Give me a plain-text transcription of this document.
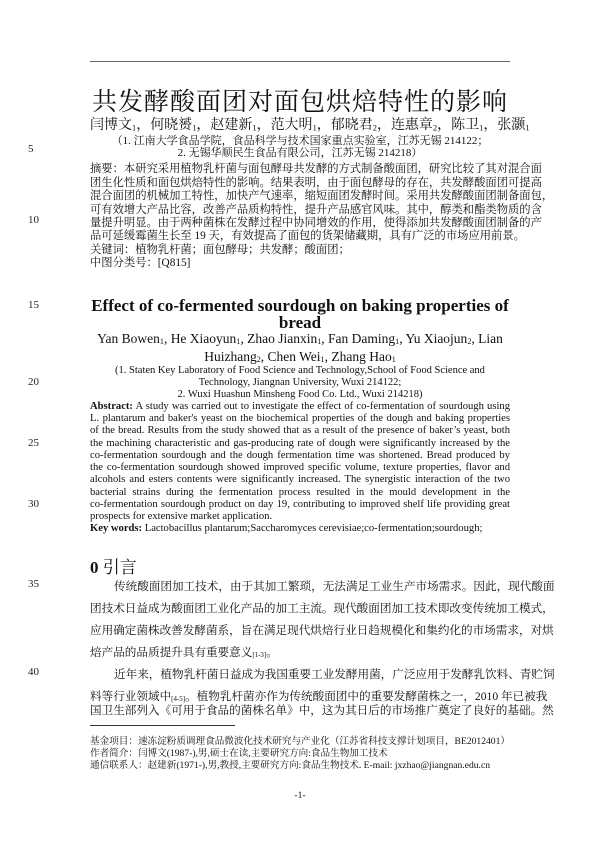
5
10
15
20
25
30
35
40
共发酵酸面团对面包烘焙特性的影响
闫博文1，何晓赟1，赵建新1，范大明1，郁晓君2，连惠章2，陈卫1，张灏1
（1. 江南大学食品学院，食品科学与技术国家重点实验室，江苏无锡 214122；
2. 无锡华顺民生食品有限公司，江苏无锡 214218）
摘要：本研究采用植物乳杆菌与面包酵母共发酵的方式制备酸面团，研究比较了其对混合面
团生化性质和面包烘焙特性的影响。结果表明，由于面包酵母的存在，共发酵酸面团可提高
混合面团的机械加工特性，加快产气速率，缩短面团发酵时间。采用共发酵酸面团制备面包，
可有效增大产品比容，改善产品质构特性，提升产品感官风味。其中，醇类和酯类物质的含
量提升明显。由于两种菌株在发酵过程中协同增效的作用，使得添加共发酵酸面团制备的产
品可延缓霉菌生长至 19 天，有效提高了面包的货架储藏期，具有广泛的市场应用前景。
关键词：植物乳杆菌；面包酵母；共发酵；酸面团；
中图分类号：[Q815]
Effect of co-fermented sourdough on baking properties of
bread
Yan Bowen1, He Xiaoyun1, Zhao Jianxin1, Fan Daming1, Yu Xiaojun2, Lian
Huizhang2, Chen Wei1, Zhang Hao1
(1. Staten Key Laboratory of Food Science and Technology,School of Food Science and
Technology, Jiangnan University, Wuxi 214122;
2. Wuxi Huashun Minsheng Food Co. Ltd., Wuxi 214218)
Abstract: A study was carried out to investigate the effect of co-fermentation of sourdough using
L. plantarum and baker's yeast on the biochemical properties of the dough and baking properties
of the bread. Results from the study showed that as a result of the presence of baker’s yeast, both
the machining characteristic and gas-producing rate of dough were significantly increased by the
co-fermentation sourdough and the dough fermentation time was shortened. Bread produced by
the co-fermentation sourdough showed improved specific volume, texture properties, flavor and
alcohols and esters contents were significantly increased. The synergistic interaction of the two
bacterial strains during the fermentation process resulted in the mould development in the
co-fermentation sourdough product on day 19, contributing to improved shelf life providing great
prospects for extensive market application.
Key words: Lactobacillus plantarum;Saccharomyces cerevisiae;co-fermentation;sourdough;
0 引言
传统酸面团加工技术，由于其加工繁琐，无法满足工业生产市场需求。因此，现代酸面
团技术日益成为酸面团工业化产品的加工主流。现代酸面团加工技术即改变传统加工模式，
应用确定菌株改善发酵菌系，旨在满足现代烘焙行业日趋规模化和集约化的市场需求，对烘
焙产品的品质提升具有重要意义[1-3]。
近年来，植物乳杆菌日益成为我国重要工业发酵用菌，广泛应用于发酵乳饮料、青贮饲
料等行业领域中[4-5]。植物乳杆菌亦作为传统酸面团中的重要发酵菌株之一，2010 年已被我
国卫生部列入《可用于食品的菌株名单》中，这为其日后的市场推广奠定了良好的基础。然
基金项目：速冻淀粉质调理食品微波化技术研究与产业化（江苏省科技支撑计划项目，BE2012401）
作者简介：闫博文(1987-),男,硕士在读,主要研究方向:食品生物加工技术
通信联系人：赵建新(1971-),男,教授,主要研究方向:食品生物技术. E-mail: jxzhao@jiangnan.edu.cn
-1-
